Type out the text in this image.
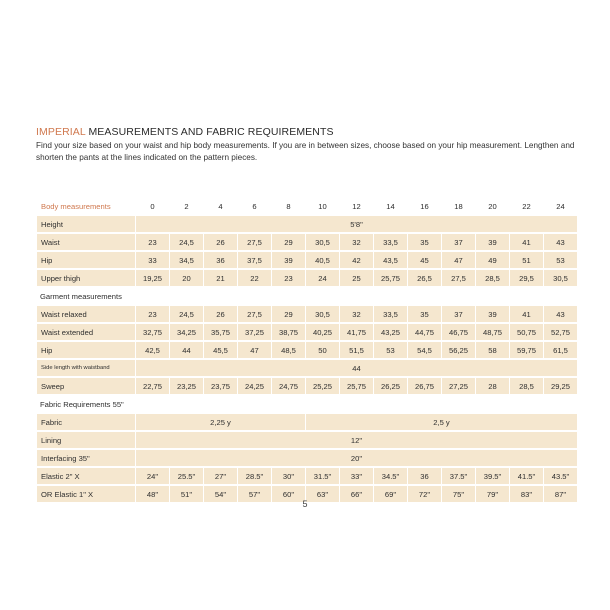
IMPERIAL MEASUREMENTS AND FABRIC REQUIREMENTS

Find your size based on your waist and hip body measurements. If you are in between sizes, choose based on your hip measurement. Lengthen and shorten the pants at the lines indicated on the pattern pieces.

Body measurements	0	2	4	6	8	10	12	14	16	18	20	22	24
Height	5'8"												
Waist	23	24,5	26	27,5	29	30,5	32	33,5	35	37	39	41	43
Hip	33	34,5	36	37,5	39	40,5	42	43,5	45	47	49	51	53
Upper thigh	19,25	20	21	22	23	24	25	25,75	26,5	27,5	28,5	29,5	30,5
Garment measurements													
Waist relaxed	23	24,5	26	27,5	29	30,5	32	33,5	35	37	39	41	43
Waist extended	32,75	34,25	35,75	37,25	38,75	40,25	41,75	43,25	44,75	46,75	48,75	50,75	52,75
Hip	42,5	44	45,5	47	48,5	50	51,5	53	54,5	56,25	58	59,75	61,5
Side length with waistband	44												
Sweep	22,75	23,25	23,75	24,25	24,75	25,25	25,75	26,25	26,75	27,25	28	28,5	29,25
Fabric Requirements 55"													
Fabric	2,25 y					2,5 y							
Lining	12"												
Interfacing 35"	20"												
Elastic 2" X	24"	25.5"	27"	28.5"	30"	31.5"	33"	34.5"	36	37.5"	39.5"	41.5"	43.5"
OR Elastic 1" X	48"	51"	54"	57"	60"	63"	66"	69"	72"	75"	79"	83"	87"
5
